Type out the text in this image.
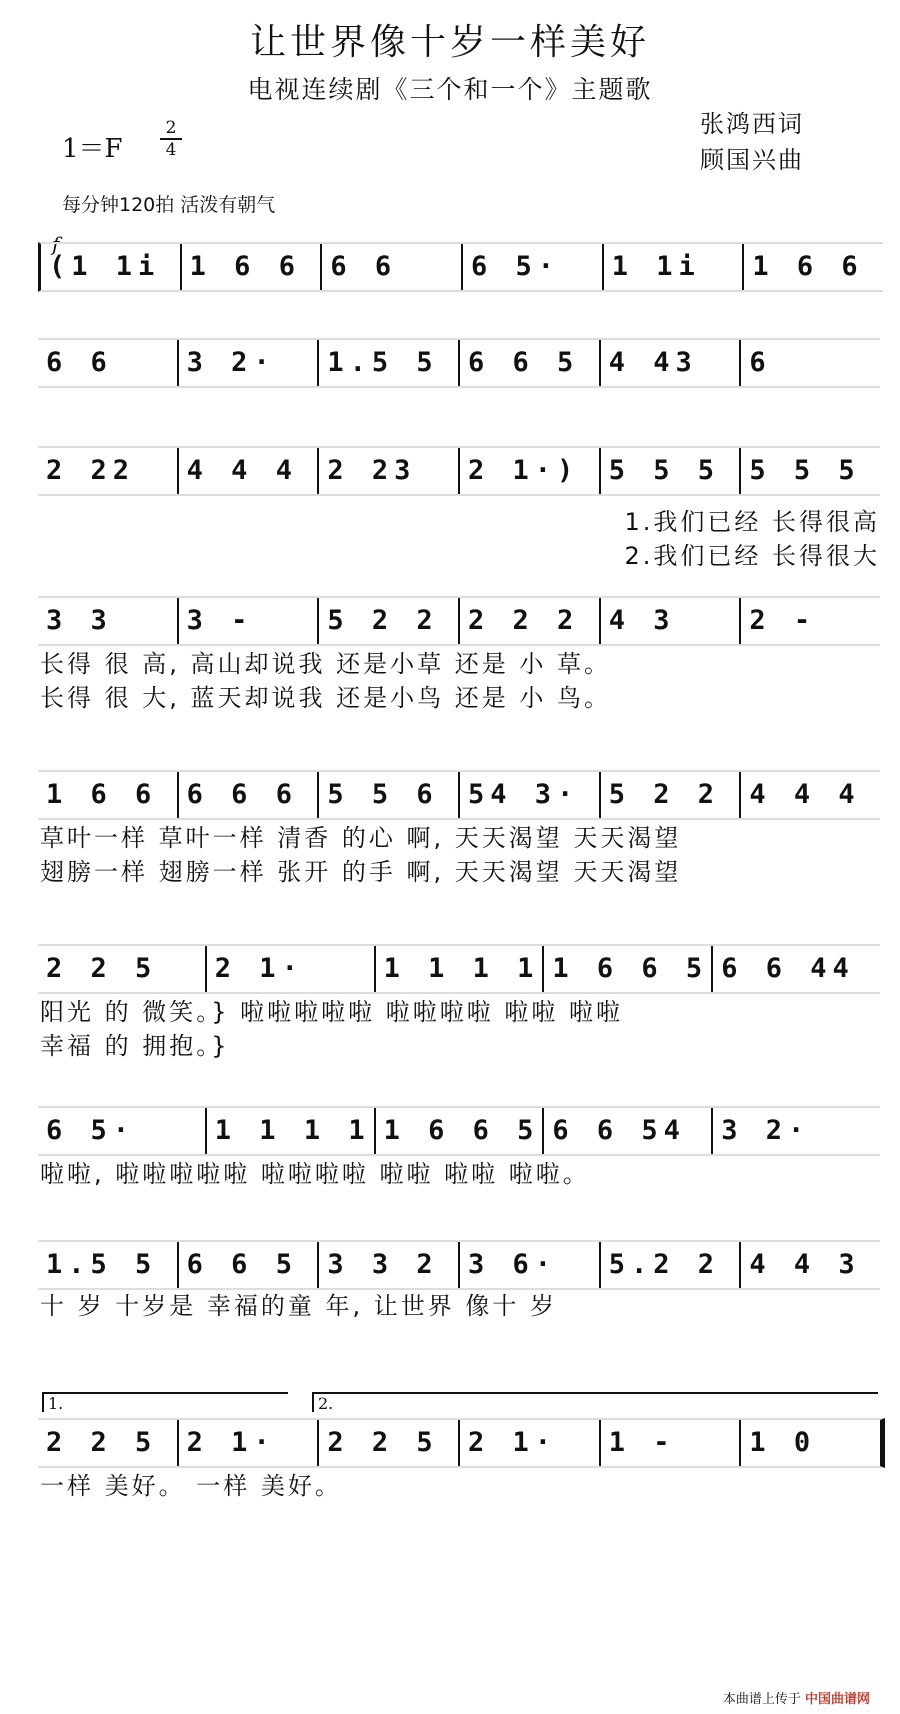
让世界像十岁一样美好
电视连续剧《三个和一个》主题歌
1＝F
2
4
张鸿西词
顾国兴曲
每分钟120拍 活泼有朝气
f
(1 1i	1 6 6	6 6	6 5·	1 1i	1 6 6
6 6	3 2·	1.5 5	6 6 5	4 43	6
2 22	4 4 4	2 23	2 1·)	5 5 5	5 5 5
1.我们已经 长得很高
2.我们已经 长得很大
3 3	3 -	5 2 2	2 2 2	4 3	2 -
长得 很 高, 高山却说我 还是小草 还是 小 草。
长得 很 大, 蓝天却说我 还是小鸟 还是 小 鸟。
1 6 6	6 6 6	5 5 6	54 3·	5 2 2	4 4 4
草叶一样 草叶一样 清香 的心 啊, 天天渴望 天天渴望
翅膀一样 翅膀一样 张开 的手 啊, 天天渴望 天天渴望
2 2 5	2 1·	1 1 1 1 1 6 6 5 6 6 44
阳光 的 微笑。} 啦啦啦啦啦 啦啦啦啦 啦啦 啦啦
幸福 的 拥抱。}
6 5·	1 1 1 1 1 6 6 5 6 6 54	3 2·
啦啦, 啦啦啦啦啦 啦啦啦啦 啦啦 啦啦 啦啦。
1.5 5	6 6 5	3 3 2	3 6·	5.2 2	4 4 3
十 岁 十岁是 幸福的童 年, 让世界 像十 岁
2 2 5	2 1·	2 2 5	2 1·	1 -	1 0
1.	2.
一样 美好。 一样 美好。
本曲谱上传于 中国曲谱网
